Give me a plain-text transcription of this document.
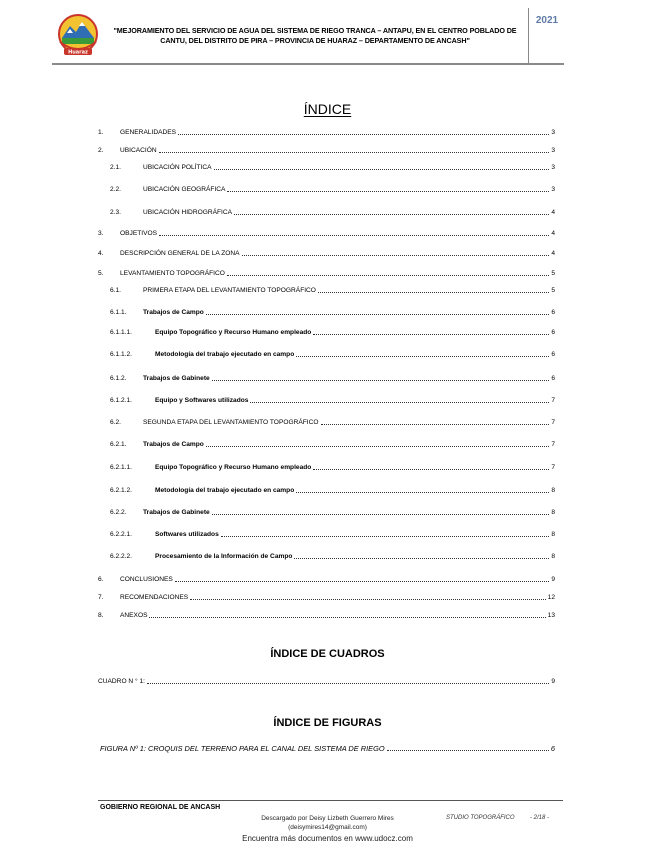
Huaraz
"MEJORAMIENTO DEL SERVICIO DE AGUA DEL SISTEMA DE RIEGO TRANCA – ANTAPU, EN EL CENTRO POBLADO DE CANTU, DEL DISTRITO DE PIRA – PROVINCIA DE HUARAZ – DEPARTAMENTO DE ANCASH"
2021
ÍNDICE
1.	GENERALIDADES	3
2.	UBICACIÓN	3
2.1.	UBICACIÓN POLÍTICA	3
2.2.	UBICACIÓN GEOGRÁFICA	3
2.3.	UBICACIÓN HIDROGRÁFICA	4
3.	OBJETIVOS	4
4.	DESCRIPCIÓN GENERAL DE LA ZONA	4
5.	LEVANTAMIENTO TOPOGRÁFICO	5
6.1.	PRIMERA ETAPA DEL LEVANTAMIENTO TOPOGRÁFICO	5
6.1.1.	Trabajos de Campo	6
6.1.1.1.	Equipo Topográfico y Recurso Humano empleado	6
6.1.1.2.	Metodología del trabajo ejecutado en campo	6
6.1.2.	Trabajos de Gabinete	6
6.1.2.1.	Equipo y Softwares utilizados	7
6.2.	SEGUNDA ETAPA DEL LEVANTAMIENTO TOPOGRÁFICO	7
6.2.1.	Trabajos de Campo	7
6.2.1.1.	Equipo Topográfico y Recurso Humano empleado	7
6.2.1.2.	Metodología del trabajo ejecutado en campo	8
6.2.2.	Trabajos de Gabinete	8
6.2.2.1.	Softwares utilizados	8
6.2.2.2.	Procesamiento de la Información de Campo	8
6.	CONCLUSIONES	9
7.	RECOMENDACIONES	12
8.	ANEXOS	13
CUADRO N ° 1:	9
FIGURA Nº 1: CROQUIS DEL TERRENO PARA EL CANAL DEL SISTEMA DE RIEGO	6
ÍNDICE DE CUADROS
ÍNDICE DE FIGURAS
GOBIERNO REGIONAL DE ANCASH
STUDIO TOPOGRÁFICO	- 2/18 -
Descargado por Deisy Lizbeth Guerrero Mires
(deisymires14@gmail.com)
Encuentra más documentos en www.udocz.com
